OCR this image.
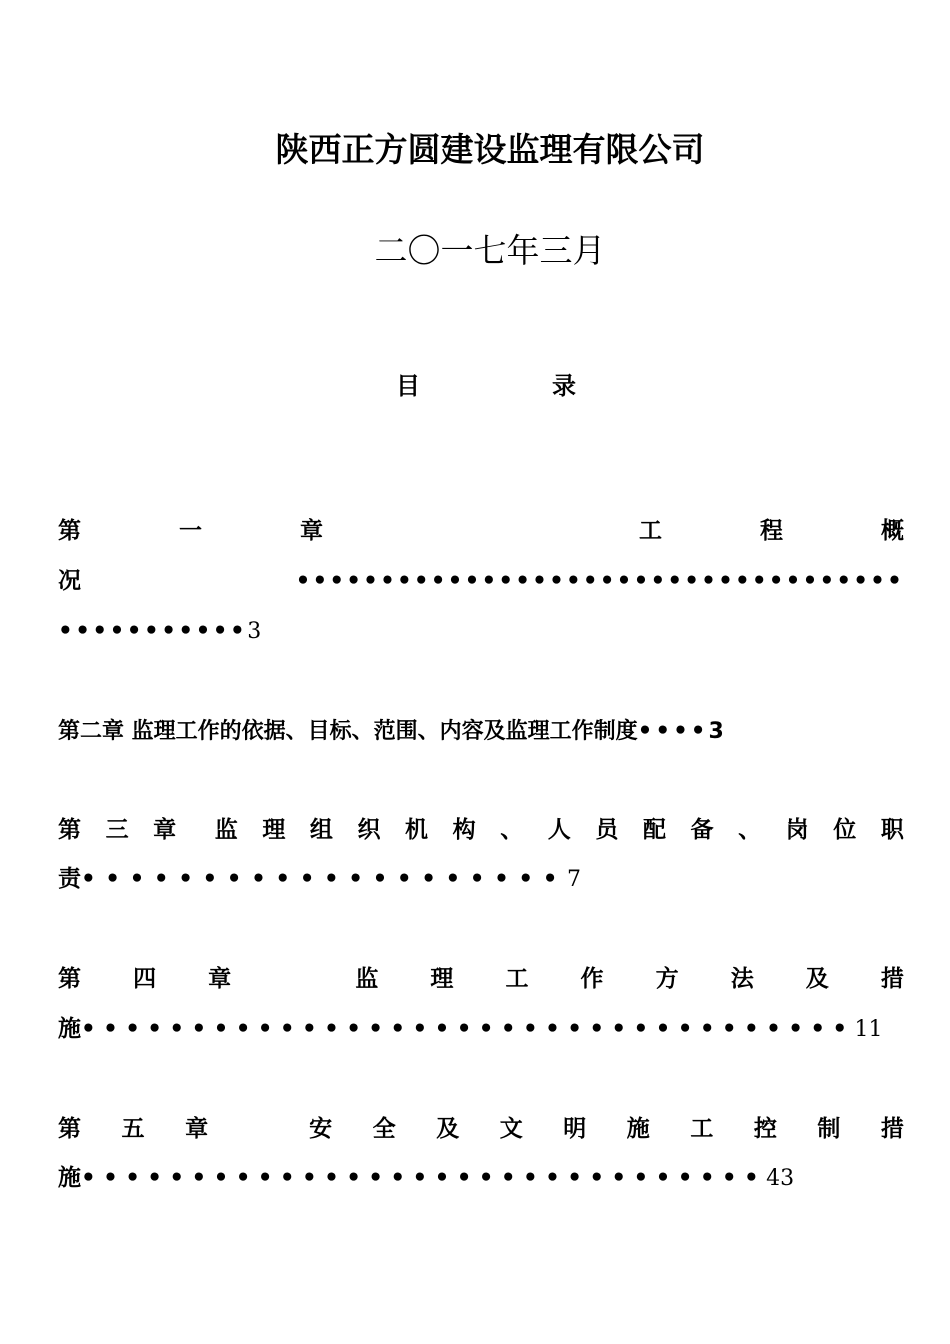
陕西正方圆建设监理有限公司
二〇一七年三月
目	录
第	一	章	工	程	概
况	••••••••••••••••••••••••••••••••••••
•••••••••••3
第二章 监理工作的依据、目标、范围、内容及监理工作制度••••3
第 三 章 监 理 组 织 机 构 、 人 员 配 备 、 岗 位 职
责••••••••••••••••••••7
第 四 章	监 理 工 作 方 法 及 措
施•••••••••••••••••••••••••••••••••••11
第 五 章	安 全 及 文 明 施 工 控 制 措
施•••••••••••••••••••••••••••••••43
